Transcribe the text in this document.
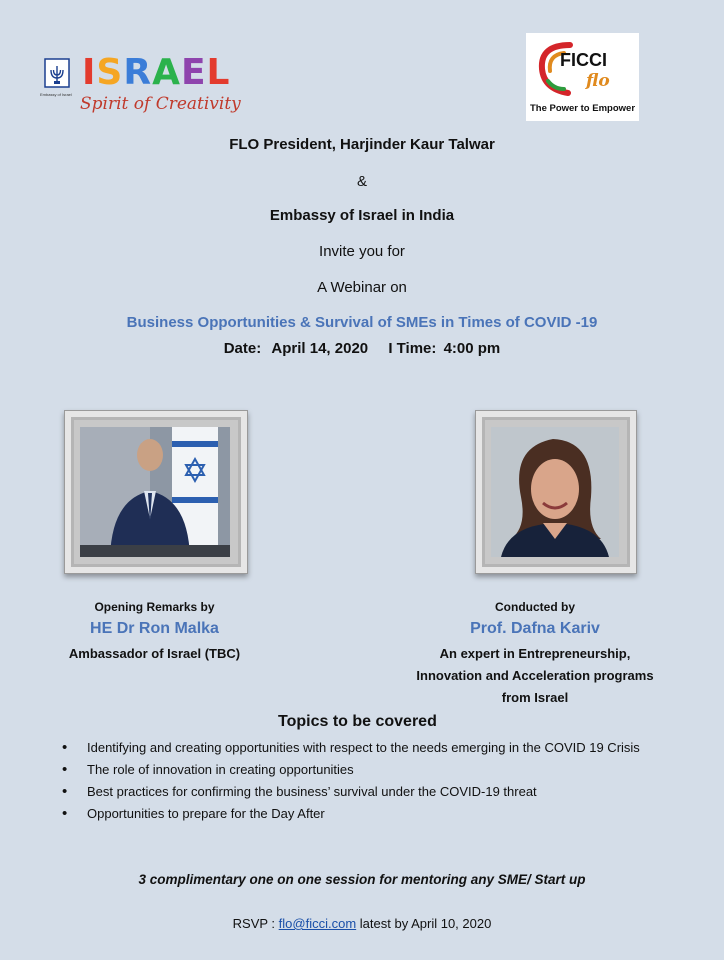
Embassy of Israel
ISRAEL
Spirit of Creativity
FICCI
flo
The Power to Empower
FLO President, Harjinder Kaur Talwar
&
Embassy of Israel in India
Invite you for
A Webinar on
Business Opportunities & Survival of SMEs in Times of COVID -19
Date: April 14, 2020 I Time: 4:00 pm
Opening Remarks by
HE Dr Ron Malka
Ambassador of Israel (TBC)
Conducted by
Prof. Dafna Kariv
An expert in Entrepreneurship,
Innovation and Acceleration programs
from Israel
Topics to be covered
• Identifying and creating opportunities with respect to the needs emerging in the COVID 19 Crisis
• The role of innovation in creating opportunities
• Best practices for confirming the business’ survival under the COVID-19 threat
• Opportunities to prepare for the Day After
3 complimentary one on one session for mentoring any SME/ Start up
RSVP : flo@ficci.com latest by April 10, 2020
